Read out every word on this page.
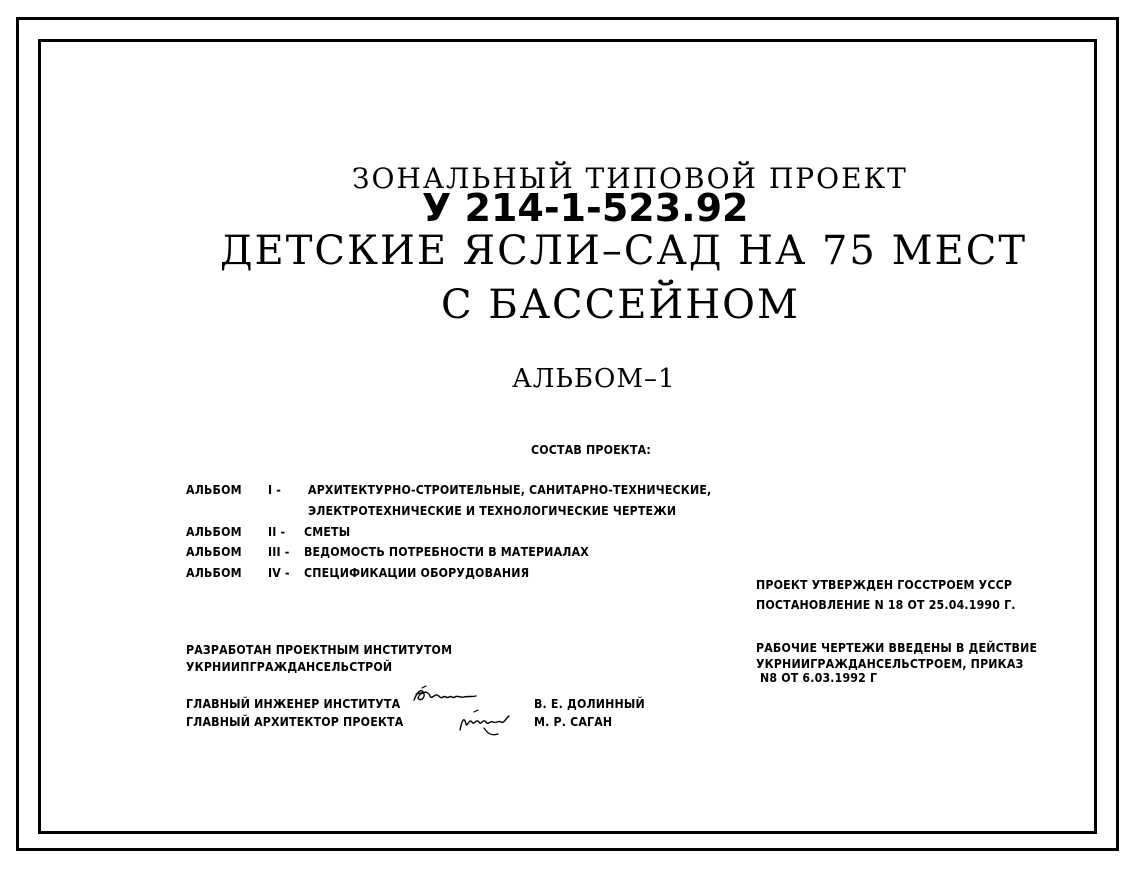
ЗОНАЛЬНЫЙ ТИПОВОЙ ПРОЕКТ
У 214-1-523.92
ДЕТСКИЕ ЯСЛИ–САД НА 75 МЕСТ
С БАССЕЙНОМ
АЛЬБОМ–1
СОСТАВ ПРОЕКТА:
АЛЬБОМ I - АРХИТЕКТУРНО-СТРОИТЕЛЬНЫЕ, САНИТАРНО-ТЕХНИЧЕСКИЕ,
ЭЛЕКТРОТЕХНИЧЕСКИЕ И ТЕХНОЛОГИЧЕСКИЕ ЧЕРТЕЖИ
АЛЬБОМ II - СМЕТЫ
АЛЬБОМ III - ВЕДОМОСТЬ ПОТРЕБНОСТИ В МАТЕРИАЛАХ
АЛЬБОМ IV - СПЕЦИФИКАЦИИ ОБОРУДОВАНИЯ
ПРОЕКТ УТВЕРЖДЕН ГОССТРОЕМ УССР
ПОСТАНОВЛЕНИЕ N 18 ОТ 25.04.1990 Г.
РАБОЧИЕ ЧЕРТЕЖИ ВВЕДЕНЫ В ДЕЙСТВИЕ
УКРНИИГРАЖДАНСЕЛЬСТРОЕМ, ПРИКАЗ
N8 ОТ 6.03.1992 Г
РАЗРАБОТАН ПРОЕКТНЫМ ИНСТИТУТОМ
УКРНИИПГРАЖДАНСЕЛЬСТРОЙ
ГЛАВНЫЙ ИНЖЕНЕР ИНСТИТУТА	В. Е. ДОЛИННЫЙ
ГЛАВНЫЙ АРХИТЕКТОР ПРОЕКТА	М. Р. САГАН
